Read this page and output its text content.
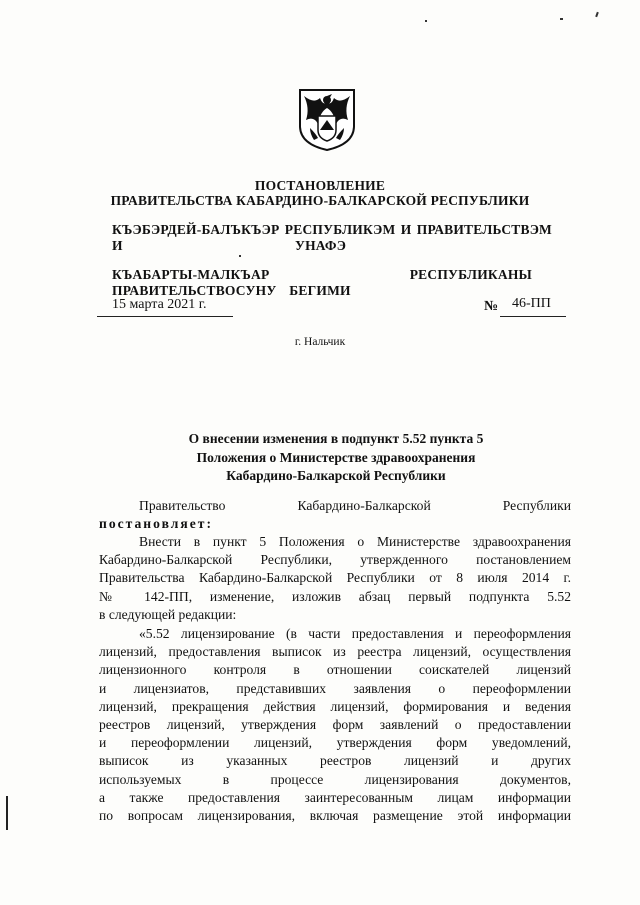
ПОСТАНОВЛЕНИЕ
ПРАВИТЕЛЬСТВА КАБАРДИНО-БАЛКАРСКОЙ РЕСПУБЛИКИ
КЪЭБЭРДЕЙ-БАЛЪКЪЭР РЕСПУБЛИКЭМ И ПРАВИТЕЛЬСТВЭМ И	УНАФЭ
КЪАБАРТЫ-МАЛКЪАР РЕСПУБЛИКАНЫ ПРАВИТЕЛЬСТВОСУНУ БЕГИМИ
15 марта 2021 г.	№ 46-ПП
г. Нальчик
О внесении изменения в подпункт 5.52 пункта 5
Положения о Министерстве здравоохранения
Кабардино-Балкарской Республики
Правительство Кабардино-Балкарской Республики
постановляет:
Внести в пункт 5 Положения о Министерстве здравоохранения
Кабардино-Балкарской Республики, утвержденного постановлением
Правительства Кабардино-Балкарской Республики от 8 июля 2014 г.
№ 142-ПП, изменение, изложив абзац первый подпункта 5.52
в следующей редакции:
«5.52 лицензирование (в части предоставления и переоформления
лицензий, предоставления выписок из реестра лицензий, осуществления
лицензионного контроля в отношении соискателей лицензий
и лицензиатов, представивших заявления о переоформлении
лицензий, прекращения действия лицензий, формирования и ведения
реестров лицензий, утверждения форм заявлений о предоставлении
и переоформлении лицензий, утверждения форм уведомлений,
выписок из указанных реестров лицензий и других
используемых в процессе лицензирования документов,
а также предоставления заинтересованным лицам информации
по вопросам лицензирования, включая размещение этой информации
